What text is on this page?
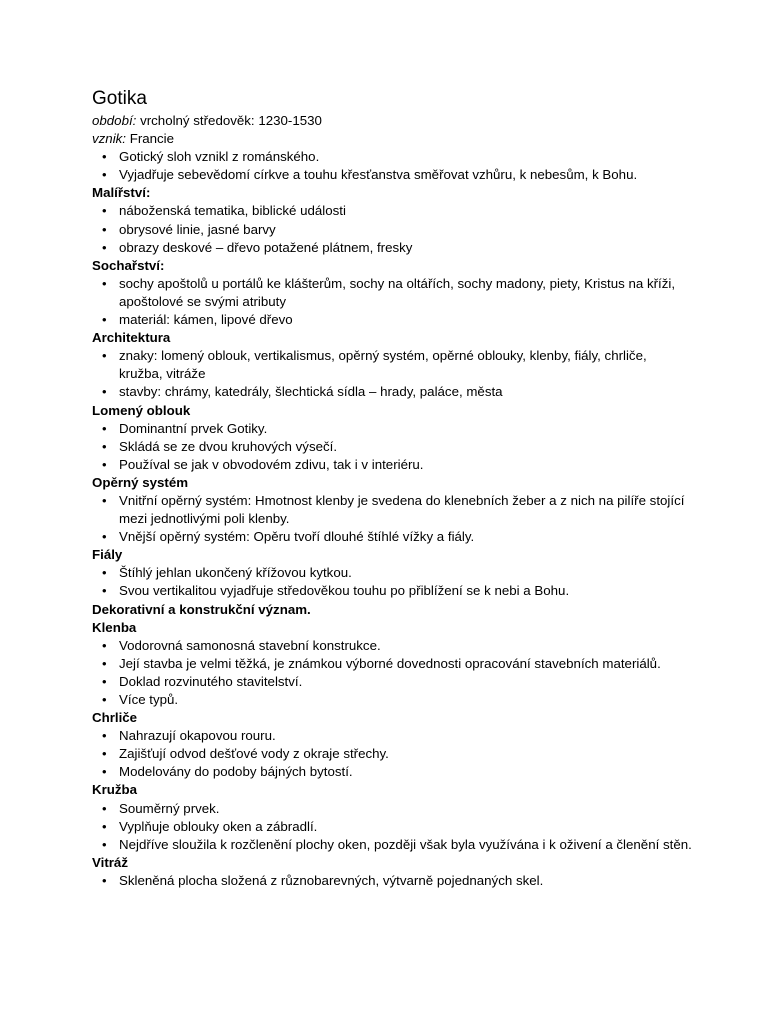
Gotika

období: vrcholný středověk: 1230-1530

vznik: Francie

• Gotický sloh vznikl z románského.
• Vyjadřuje sebevědomí církve a touhu křesťanstva směřovat vzhůru, k nebesům, k Bohu.

Malířství:

• náboženská tematika, biblické události
• obrysové linie, jasné barvy
• obrazy deskové – dřevo potažené plátnem, fresky

Sochařství:

• sochy apoštolů u portálů ke klášterům, sochy na oltářích, sochy madony, piety, Kristus na kříži, apoštolové se svými atributy
• materiál: kámen, lipové dřevo

Architektura

• znaky: lomený oblouk, vertikalismus, opěrný systém, opěrné oblouky, klenby, fiály, chrliče, kružba, vitráže
• stavby: chrámy, katedrály, šlechtická sídla – hrady, paláce, města

Lomený oblouk

• Dominantní prvek Gotiky.
• Skládá se ze dvou kruhových výsečí.
• Používal se jak v obvodovém zdivu, tak i v interiéru.

Opěrný systém

• Vnitřní opěrný systém: Hmotnost klenby je svedena do klenebních žeber a z nich na pilíře stojící mezi jednotlivými poli klenby.
• Vnější opěrný systém: Opěru tvoří dlouhé štíhlé vížky a fiály.

Fiály

• Štíhlý jehlan ukončený křížovou kytkou.
• Svou vertikalitou vyjadřuje středověkou touhu po přiblížení se k nebi a Bohu.

Dekorativní a konstrukční význam.

Klenba

• Vodorovná samonosná stavební konstrukce.
• Její stavba je velmi těžká, je známkou výborné dovednosti opracování stavebních materiálů.
• Doklad rozvinutého stavitelství.
• Více typů.

Chrliče

• Nahrazují okapovou rouru.
• Zajišťují odvod dešťové vody z okraje střechy.
• Modelovány do podoby bájných bytostí.

Kružba

• Souměrný prvek.
• Vyplňuje oblouky oken a zábradlí.
• Nejdříve sloužila k rozčlenění plochy oken, později však byla využívána i k oživení a členění stěn.

Vitráž

• Skleněná plocha složená z různobarevných, výtvarně pojednaných skel.
